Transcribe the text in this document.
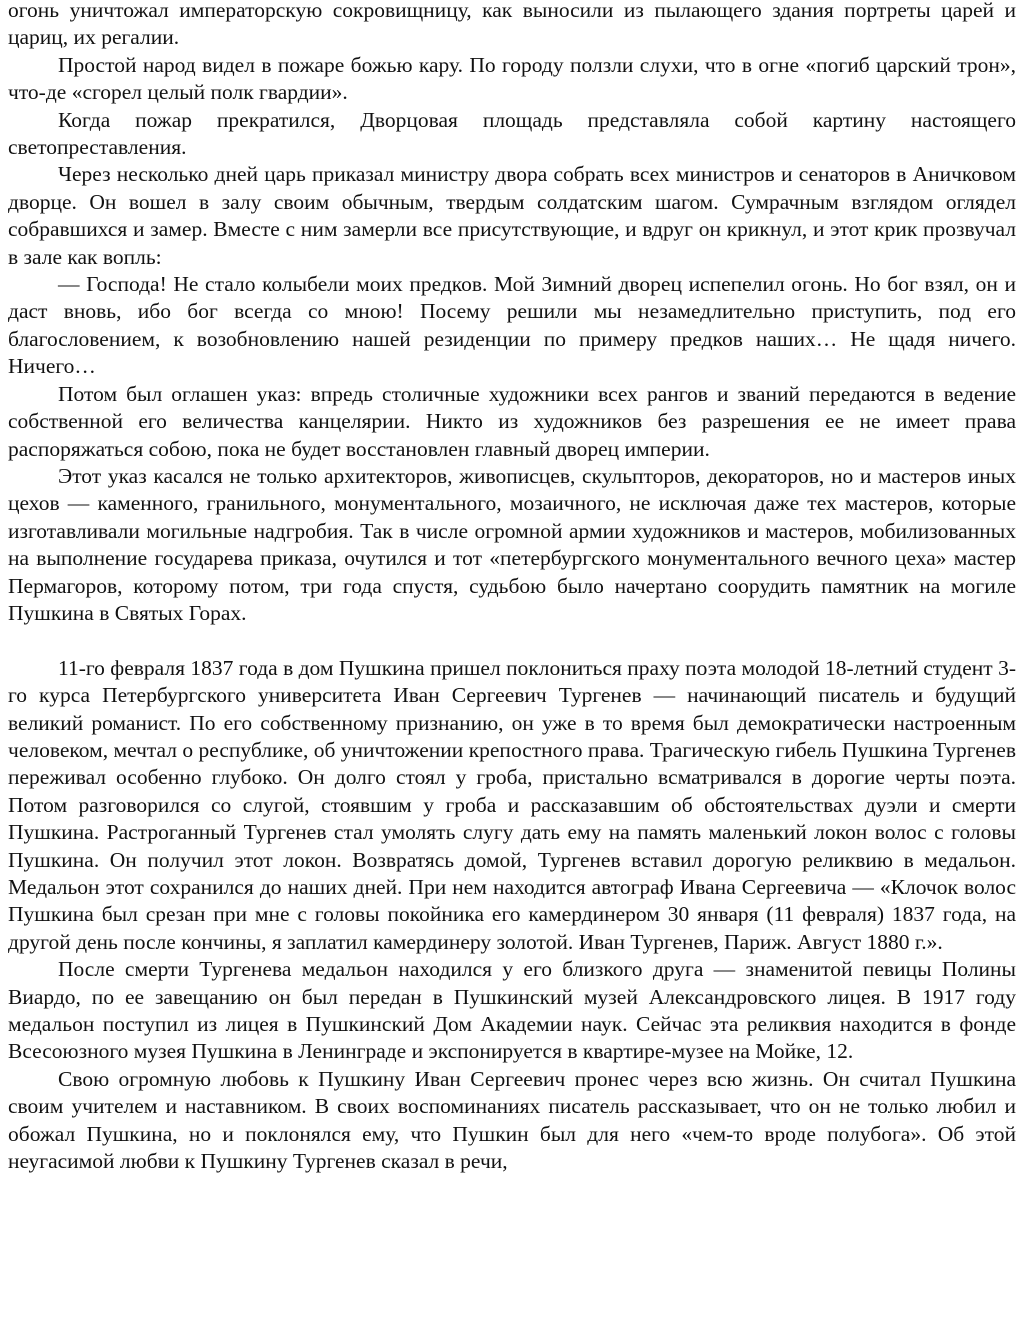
огонь уничтожал императорскую сокровищницу, как выносили из пылающего здания портреты царей и цариц, их регалии.

Простой народ видел в пожаре божью кару. По городу ползли слухи, что в огне «погиб царский трон», что-де «сгорел целый полк гвардии».

Когда пожар прекратился, Дворцовая площадь представляла собой картину настоящего светопреставления.

Через несколько дней царь приказал министру двора собрать всех министров и сенаторов в Аничковом дворце. Он вошел в залу своим обычным, твердым солдатским шагом. Сумрачным взглядом оглядел собравшихся и замер. Вместе с ним замерли все присутствующие, и вдруг он крикнул, и этот крик прозвучал в зале как вопль:

— Господа! Не стало колыбели моих предков. Мой Зимний дворец испепелил огонь. Но бог взял, он и даст вновь, ибо бог всегда со мною! Посему решили мы незамедлительно приступить, под его благословением, к возобновлению нашей резиденции по примеру предков наших… Не щадя ничего. Ничего…

Потом был оглашен указ: впредь столичные художники всех рангов и званий передаются в ведение собственной его величества канцелярии. Никто из художников без разрешения ее не имеет права распоряжаться собою, пока не будет восстановлен главный дворец империи.

Этот указ касался не только архитекторов, живописцев, скульпторов, декораторов, но и мастеров иных цехов — каменного, гранильного, монументального, мозаичного, не исключая даже тех мастеров, которые изготавливали могильные надгробия. Так в числе огромной армии художников и мастеров, мобилизованных на выполнение государева приказа, очутился и тот «петербургского монументального вечного цеха» мастер Пермагоров, которому потом, три года спустя, судьбою было начертано соорудить памятник на могиле Пушкина в Святых Горах.

11-го февраля 1837 года в дом Пушкина пришел поклониться праху поэта молодой 18-летний студент 3-го курса Петербургского университета Иван Сергеевич Тургенев — начинающий писатель и будущий великий романист. По его собственному признанию, он уже в то время был демократически настроенным человеком, мечтал о республике, об уничтожении крепостного права. Трагическую гибель Пушкина Тургенев переживал особенно глубоко. Он долго стоял у гроба, пристально всматривался в дорогие черты поэта. Потом разговорился со слугой, стоявшим у гроба и рассказавшим об обстоятельствах дуэли и смерти Пушкина. Растроганный Тургенев стал умолять слугу дать ему на память маленький локон волос с головы Пушкина. Он получил этот локон. Возвратясь домой, Тургенев вставил дорогую реликвию в медальон. Медальон этот сохранился до наших дней. При нем находится автограф Ивана Сергеевича — «Клочок волос Пушкина был срезан при мне с головы покойника его камердинером 30 января (11 февраля) 1837 года, на другой день после кончины, я заплатил камердинеру золотой. Иван Тургенев, Париж. Август 1880 г.».

После смерти Тургенева медальон находился у его близкого друга — знаменитой певицы Полины Виардо, по ее завещанию он был передан в Пушкинский музей Александровского лицея. В 1917 году медальон поступил из лицея в Пушкинский Дом Академии наук. Сейчас эта реликвия находится в фонде Всесоюзного музея Пушкина в Ленинграде и экспонируется в квартире-музее на Мойке, 12.

Свою огромную любовь к Пушкину Иван Сергеевич пронес через всю жизнь. Он считал Пушкина своим учителем и наставником. В своих воспоминаниях писатель рассказывает, что он не только любил и обожал Пушкина, но и поклонялся ему, что Пушкин был для него «чем-то вроде полубога». Об этой неугасимой любви к Пушкину Тургенев сказал в речи,
